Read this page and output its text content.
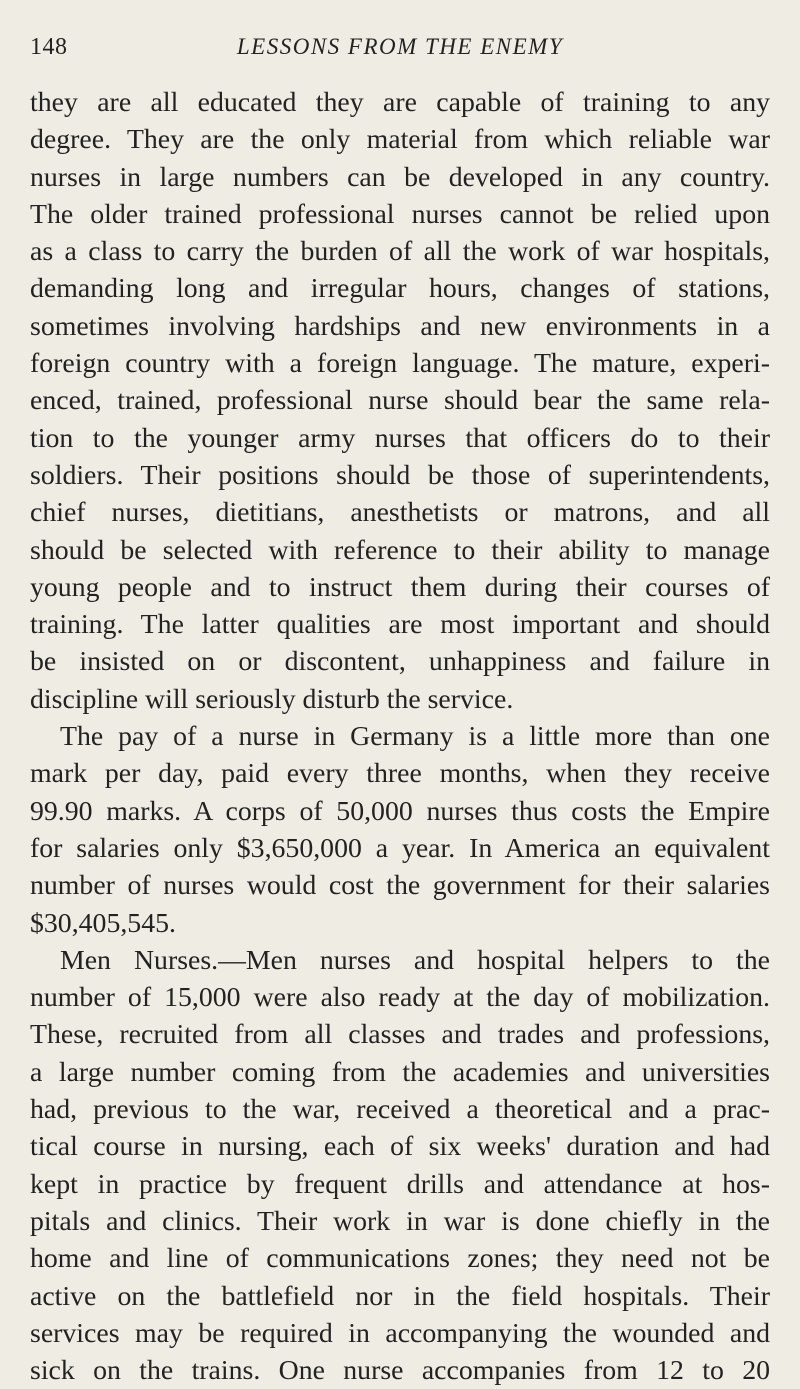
148	LESSONS FROM THE ENEMY
they are all educated they are capable of training to any
degree. They are the only material from which reliable war
nurses in large numbers can be developed in any country.
The older trained professional nurses cannot be relied upon
as a class to carry the burden of all the work of war hospitals,
demanding long and irregular hours, changes of stations,
sometimes involving hardships and new environments in a
foreign country with a foreign language. The mature, experi-
enced, trained, professional nurse should bear the same rela-
tion to the younger army nurses that officers do to their
soldiers. Their positions should be those of superintendents,
chief nurses, dietitians, anesthetists or matrons, and all
should be selected with reference to their ability to manage
young people and to instruct them during their courses of
training. The latter qualities are most important and should
be insisted on or discontent, unhappiness and failure in
discipline will seriously disturb the service.
The pay of a nurse in Germany is a little more than one
mark per day, paid every three months, when they receive
99.90 marks. A corps of 50,000 nurses thus costs the Empire
for salaries only $3,650,000 a year. In America an equivalent
number of nurses would cost the government for their salaries
$30,405,545.
Men Nurses.—Men nurses and hospital helpers to the
number of 15,000 were also ready at the day of mobilization.
These, recruited from all classes and trades and professions,
a large number coming from the academies and universities
had, previous to the war, received a theoretical and a prac-
tical course in nursing, each of six weeks' duration and had
kept in practice by frequent drills and attendance at hos-
pitals and clinics. Their work in war is done chiefly in the
home and line of communications zones; they need not be
active on the battlefield nor in the field hospitals. Their
services may be required in accompanying the wounded and
sick on the trains. One nurse accompanies from 12 to 20
